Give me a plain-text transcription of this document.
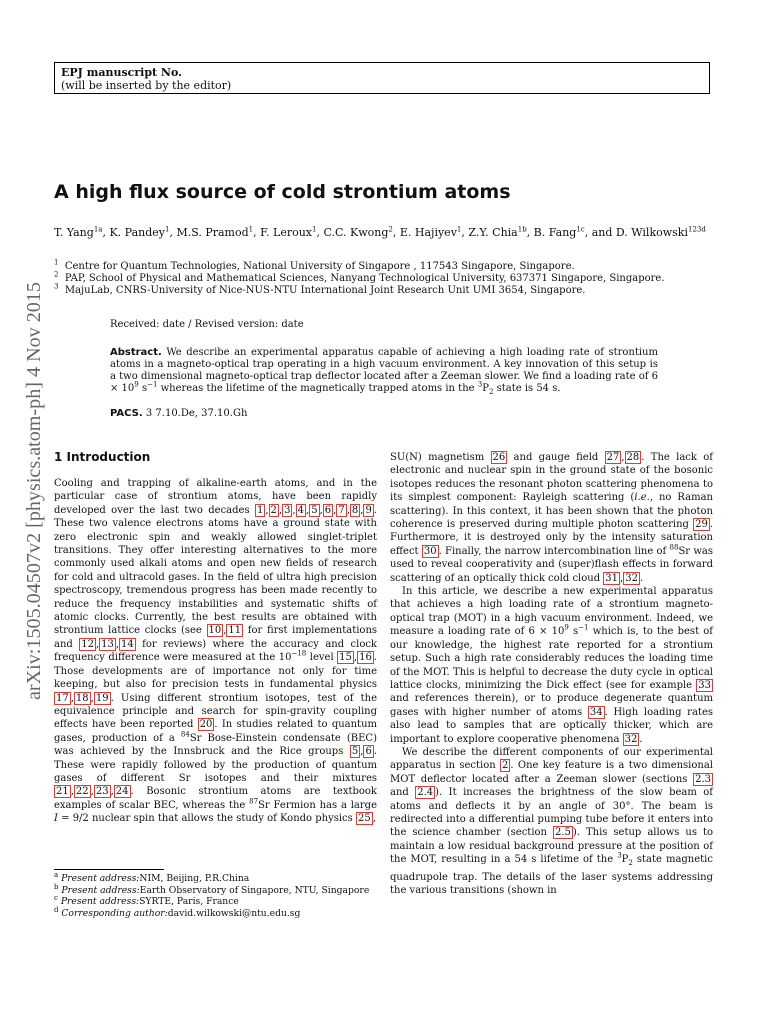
EPJ manuscript No.
(will be inserted by the editor)
arXiv:1505.04507v2 [physics.atom-ph] 4 Nov 2015
A high flux source of cold strontium atoms
T. Yang$^{1a}$, K. Pandey$^1$, M.S. Pramod$^1$, F. Leroux$^1$, C.C. Kwong$^2$, E. Hajiyev$^1$, Z.Y. Chia$^{1b}$, B. Fang$^{1c}$, and D. Wilkowski$^{123d}$
$^1$ Centre for Quantum Technologies, National University of Singapore , 117543 Singapore, Singapore.
$^2$ PAP, School of Physical and Mathematical Sciences, Nanyang Technological University, 637371 Singapore, Singapore.
$^3$ MajuLab, CNRS-University of Nice-NUS-NTU International Joint Research Unit UMI 3654, Singapore.
Received: date / Revised version: date
Abstract. We describe an experimental apparatus capable of achieving a high loading rate of strontium atoms in a magneto-optical trap operating in a high vacuum environment. A key innovation of this setup is a two dimensional magneto-optical trap deflector located after a Zeeman slower. We find a loading rate of $6 \times 10^9$ $s^{-1}$ whereas the lifetime of the magnetically trapped atoms in the $^3P_2$ state is 54 s.
PACS. 3 7.10.De, 37.10.Gh
1 Introduction

Cooling and trapping of alkaline-earth atoms, and in the particular case of strontium atoms, have been rapidly developed over the last two decades 1 , 2 , 3 , 4 , 5 , 6 , 7 , 8 , 9 . These two valence electrons atoms have a ground state with zero electronic spin and weakly allowed singlet-triplet transitions. They offer interesting alternatives to the more commonly used alkali atoms and open new fields of research for cold and ultracold gases. In the field of ultra high precision spectroscopy, tremendous progress has been made recently to reduce the frequency instabilities and systematic shifts of atomic clocks. Currently, the best results are obtained with strontium lattice clocks (see 10 , 11 for first implementations and 12 , 13 , 14 for reviews) where the accuracy and clock frequency difference were measured at the $10^{-18}$ level 15 , 16 . Those developments are of importance not only for time keeping, but also for precision tests in fundamental physics 17 , 18 , 19 . Using different strontium isotopes, test of the equivalence principle and search for spin-gravity coupling effects have been reported 20 . In studies related to quantum gases, production of a $^{84}$Sr Bose-Einstein condensate (BEC) was achieved by the Innsbruck and the Rice groups 5 , 6 . These were rapidly followed by the production of quantum gases of different Sr isotopes and their mixtures 21 , 22 , 23 , 24 . Bosonic strontium atoms are textbook examples of scalar BEC, whereas the $^{87}$Sr Fermion has a large I = 9/2 nuclear spin that allows the study of Kondo physics 25 ,

SU(N) magnetism 26 and gauge field 27 , 28 . The lack of electronic and nuclear spin in the ground state of the bosonic isotopes reduces the resonant photon scattering phenomena to its simplest component: Rayleigh scattering (i.e., no Raman scattering). In this context, it has been shown that the photon coherence is preserved during multiple photon scattering 29 . Furthermore, it is destroyed only by the intensity saturation effect 30 . Finally, the narrow intercombination line of $^{88}$Sr was used to reveal cooperativity and (super)flash effects in forward scattering of an optically thick cold cloud 31 , 32 .

In this article, we describe a new experimental apparatus that achieves a high loading rate of a strontium magneto-optical trap (MOT) in a high vacuum environment. Indeed, we measure a loading rate of $6 \times 10^9$ $s^{-1}$ which is, to the best of our knowledge, the highest rate reported for a strontium setup. Such a high rate considerably reduces the loading time of the MOT. This is helpful to decrease the duty cycle in optical lattice clocks, minimizing the Dick effect (see for example 33 and references therein), or to produce degenerate quantum gases with higher number of atoms 34 . High loading rates also lead to samples that are optically thicker, which are important to explore cooperative phenomena 32 .

We describe the different components of our experimental apparatus in section 2 . One key feature is a two dimensional MOT deflector located after a Zeeman slower (sections 2.3 and 2.4 ). It increases the brightness of the slow beam of atoms and deflects it by an angle of 30°. The beam is redirected into a differential pumping tube before it enters into the science chamber (section 2.5 ). This setup allows us to maintain a low residual background pressure at the position of the MOT, resulting in a 54 s lifetime of the $^3P_2$ state magnetic quadrupole trap. The details of the laser systems addressing the various transitions (shown in

$^a$ Present address:NIM, Beijing, P.R.China
$^b$ Present address:Earth Observatory of Singapore, NTU, Singapore
$^c$ Present address:SYRTE, Paris, France
$^d$ Corresponding author:david.wilkowski@ntu.edu.sg
